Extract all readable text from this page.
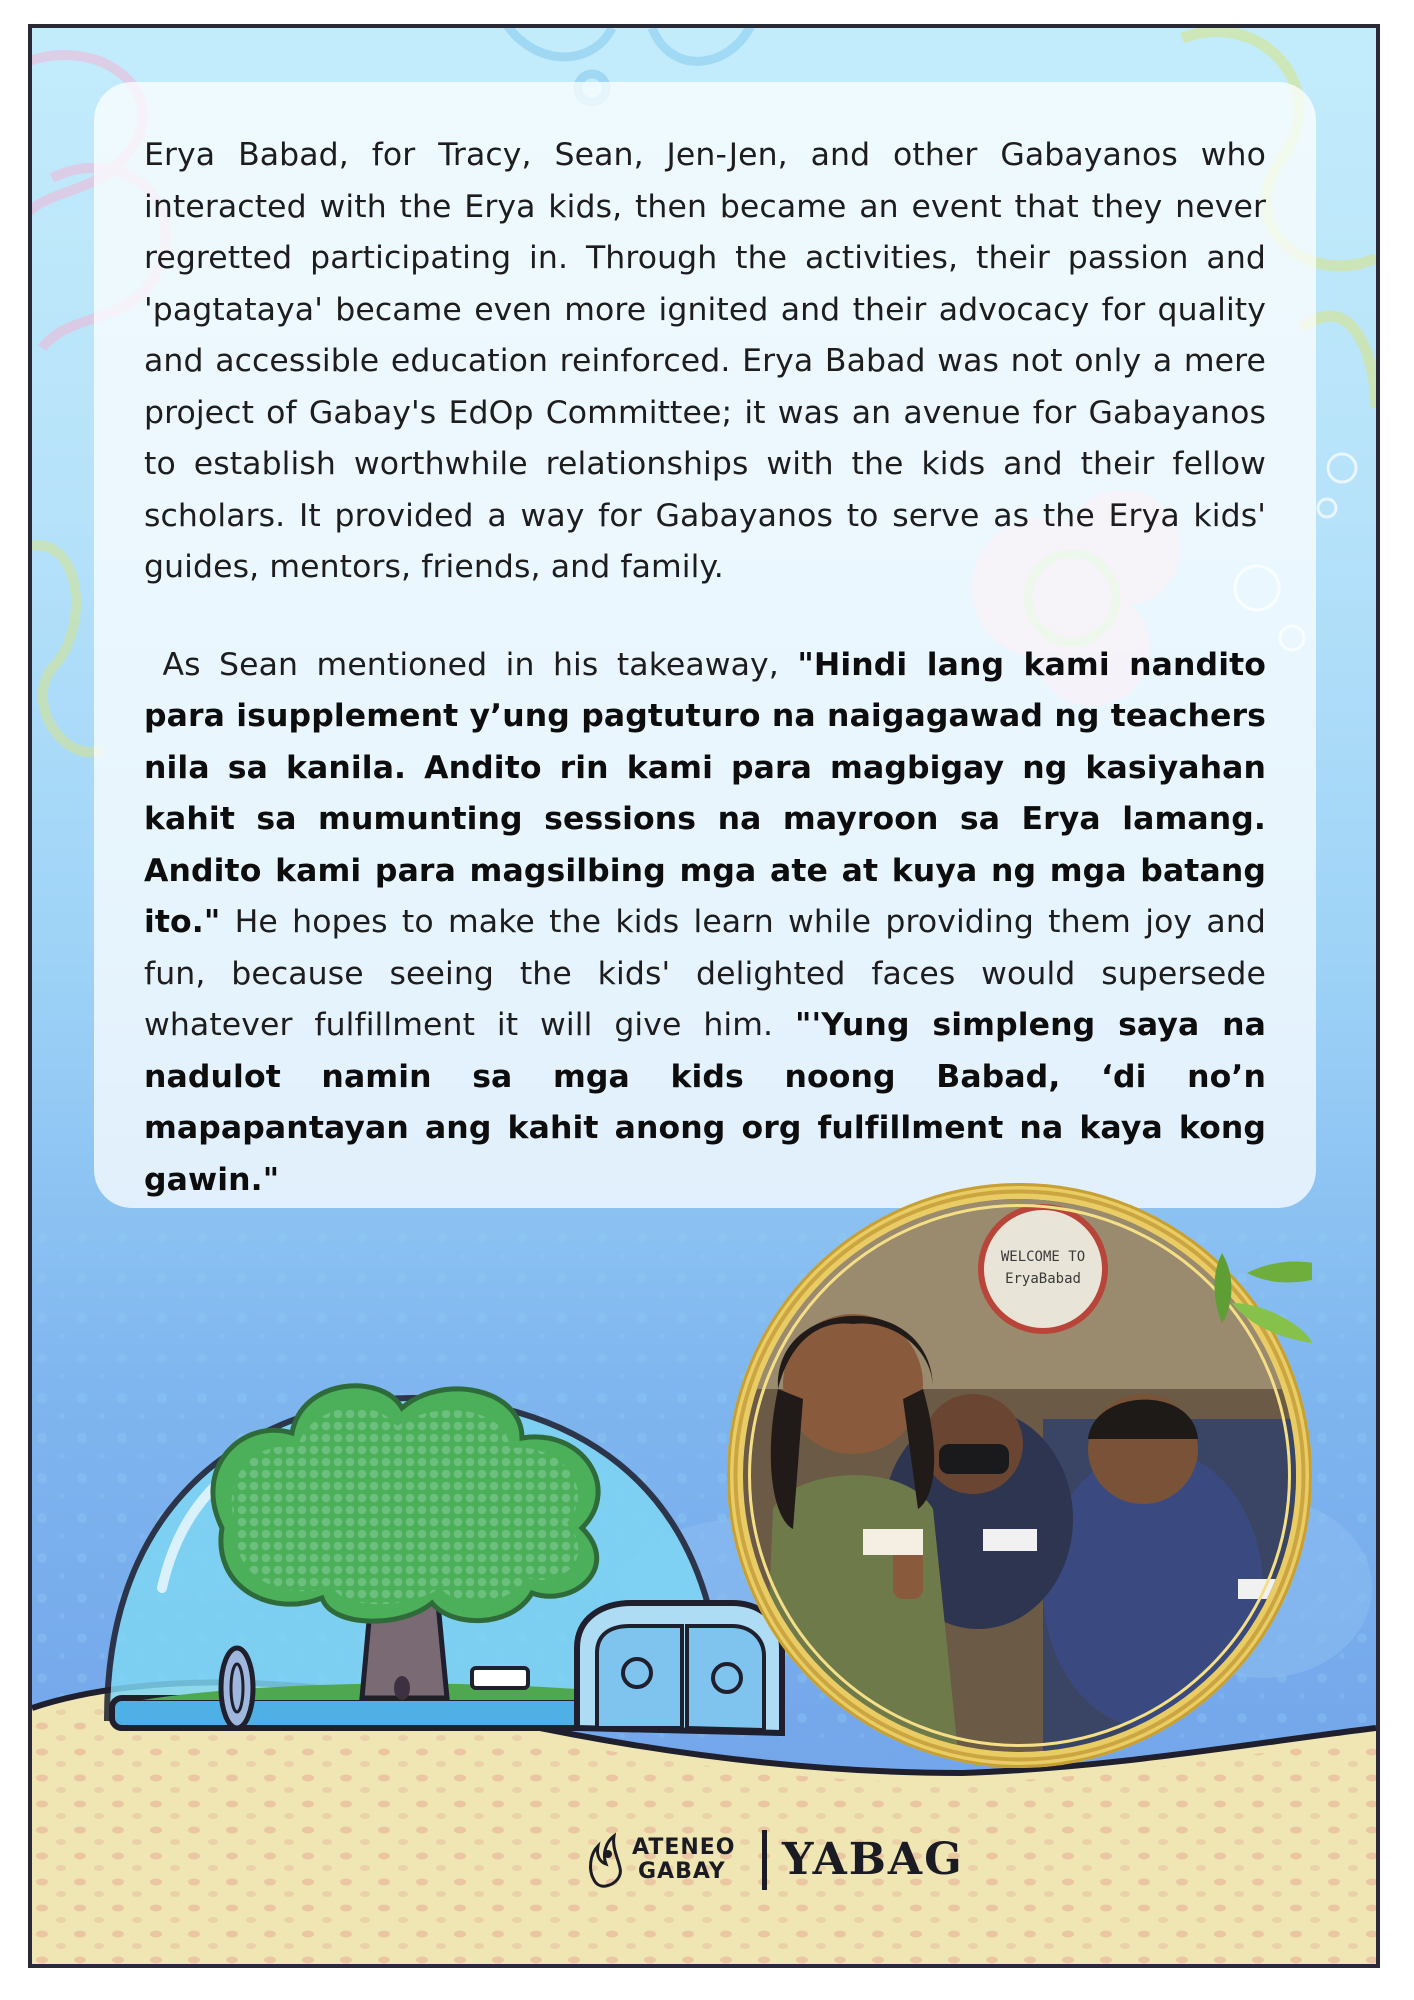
Erya Babad, for Tracy, Sean, Jen-Jen, and other Gabayanos who interacted with the Erya kids, then became an event that they never regretted participating in. Through the activities, their passion and 'pagtataya' became even more ignited and their advocacy for quality and accessible education reinforced. Erya Babad was not only a mere project of Gabay's EdOp Committee; it was an avenue for Gabayanos to establish worthwhile relationships with the kids and their fellow scholars. It provided a way for Gabayanos to serve as the Erya kids' guides, mentors, friends, and family.

As Sean mentioned in his takeaway, "Hindi lang kami nandito para isupplement y’ung pagtuturo na naigagawad ng teachers nila sa kanila. Andito rin kami para magbigay ng kasiyahan kahit sa mumunting sessions na mayroon sa Erya lamang. Andito kami para magsilbing mga ate at kuya ng mga batang ito." He hopes to make the kids learn while providing them joy and fun, because seeing the kids' delighted faces would supersede whatever fulfillment it will give him. "'Yung simpleng saya na nadulot namin sa mga kids noong Babad, ‘di no’n mapapantayan ang kahit anong org fulfillment na kaya kong gawin."

WELCOME TO
EryaBabad
ATENEO
GABAY YABAG
